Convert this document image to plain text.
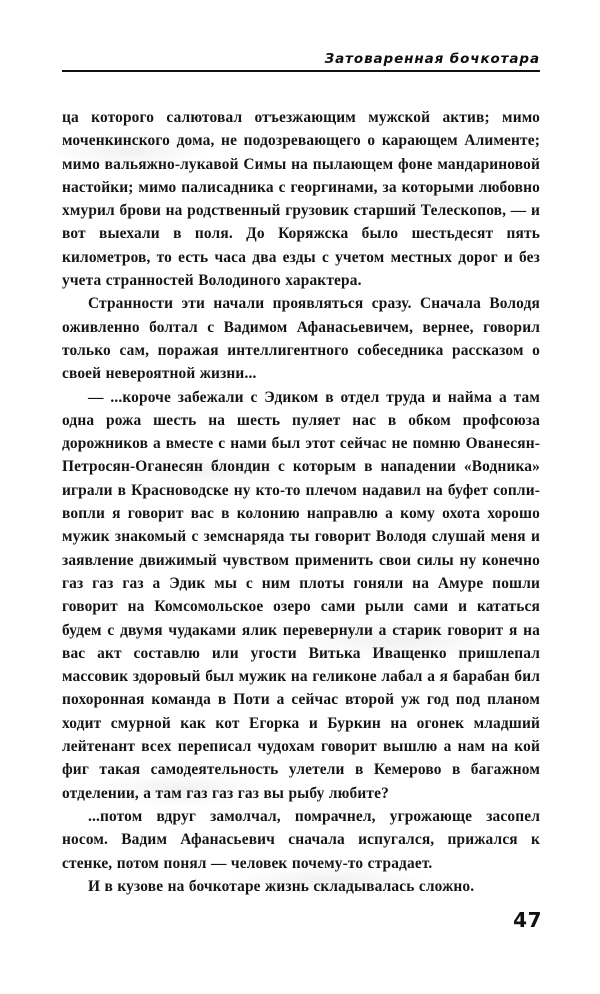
Затоваренная бочкотара

ца которого салютовал отъезжающим мужской актив; мимо моченкинского дома, не подозревающего о карающем Алименте; мимо вальяжно-лукавой Симы на пылающем фоне мандариновой настойки; мимо палисадника с георгинами, за которыми любовно хмурил брови на родственный грузовик старший Телескопов, — и вот выехали в поля. До Коряжска было шестьдесят пять километров, то есть часа два езды с учетом местных дорог и без учета странностей Володиного характера.

Странности эти начали проявляться сразу. Сначала Володя оживленно болтал с Вадимом Афанасьевичем, вернее, говорил только сам, поражая интеллигентного собеседника рассказом о своей невероятной жизни...

— ...короче забежали с Эдиком в отдел труда и найма а там одна рожа шесть на шесть пуляет нас в обком профсоюза дорожников а вместе с нами был этот сейчас не помню Ованесян-Петросян-Оганесян блондин с которым в нападении «Водника» играли в Красноводске ну кто-то плечом надавил на буфет сопли-вопли я говорит вас в колонию направлю а кому охота хорошо мужик знакомый с земснаряда ты говорит Володя слушай меня и заявление движимый чувством применить свои силы ну конечно газ газ газ а Эдик мы с ним плоты гоняли на Амуре пошли говорит на Комсомольское озеро сами рыли сами и кататься будем с двумя чудаками ялик перевернули а старик говорит я на вас акт составлю или угости Витька Иващенко пришлепал массовик здоровый был мужик на геликоне лабал а я барабан бил похоронная команда в Поти а сейчас второй уж год под планом ходит смурной как кот Егорка и Буркин на огонек младший лейтенант всех переписал чудохам говорит вышлю а нам на кой фиг такая самодеятельность улетели в Кемерово в багажном отделении, а там газ газ газ вы рыбу любите?

...потом вдруг замолчал, помрачнел, угрожающе засопел носом. Вадим Афанасьевич сначала испугался, прижался к стенке, потом понял — человек почему-то страдает.

И в кузове на бочкотаре жизнь складывалась сложно.

47
